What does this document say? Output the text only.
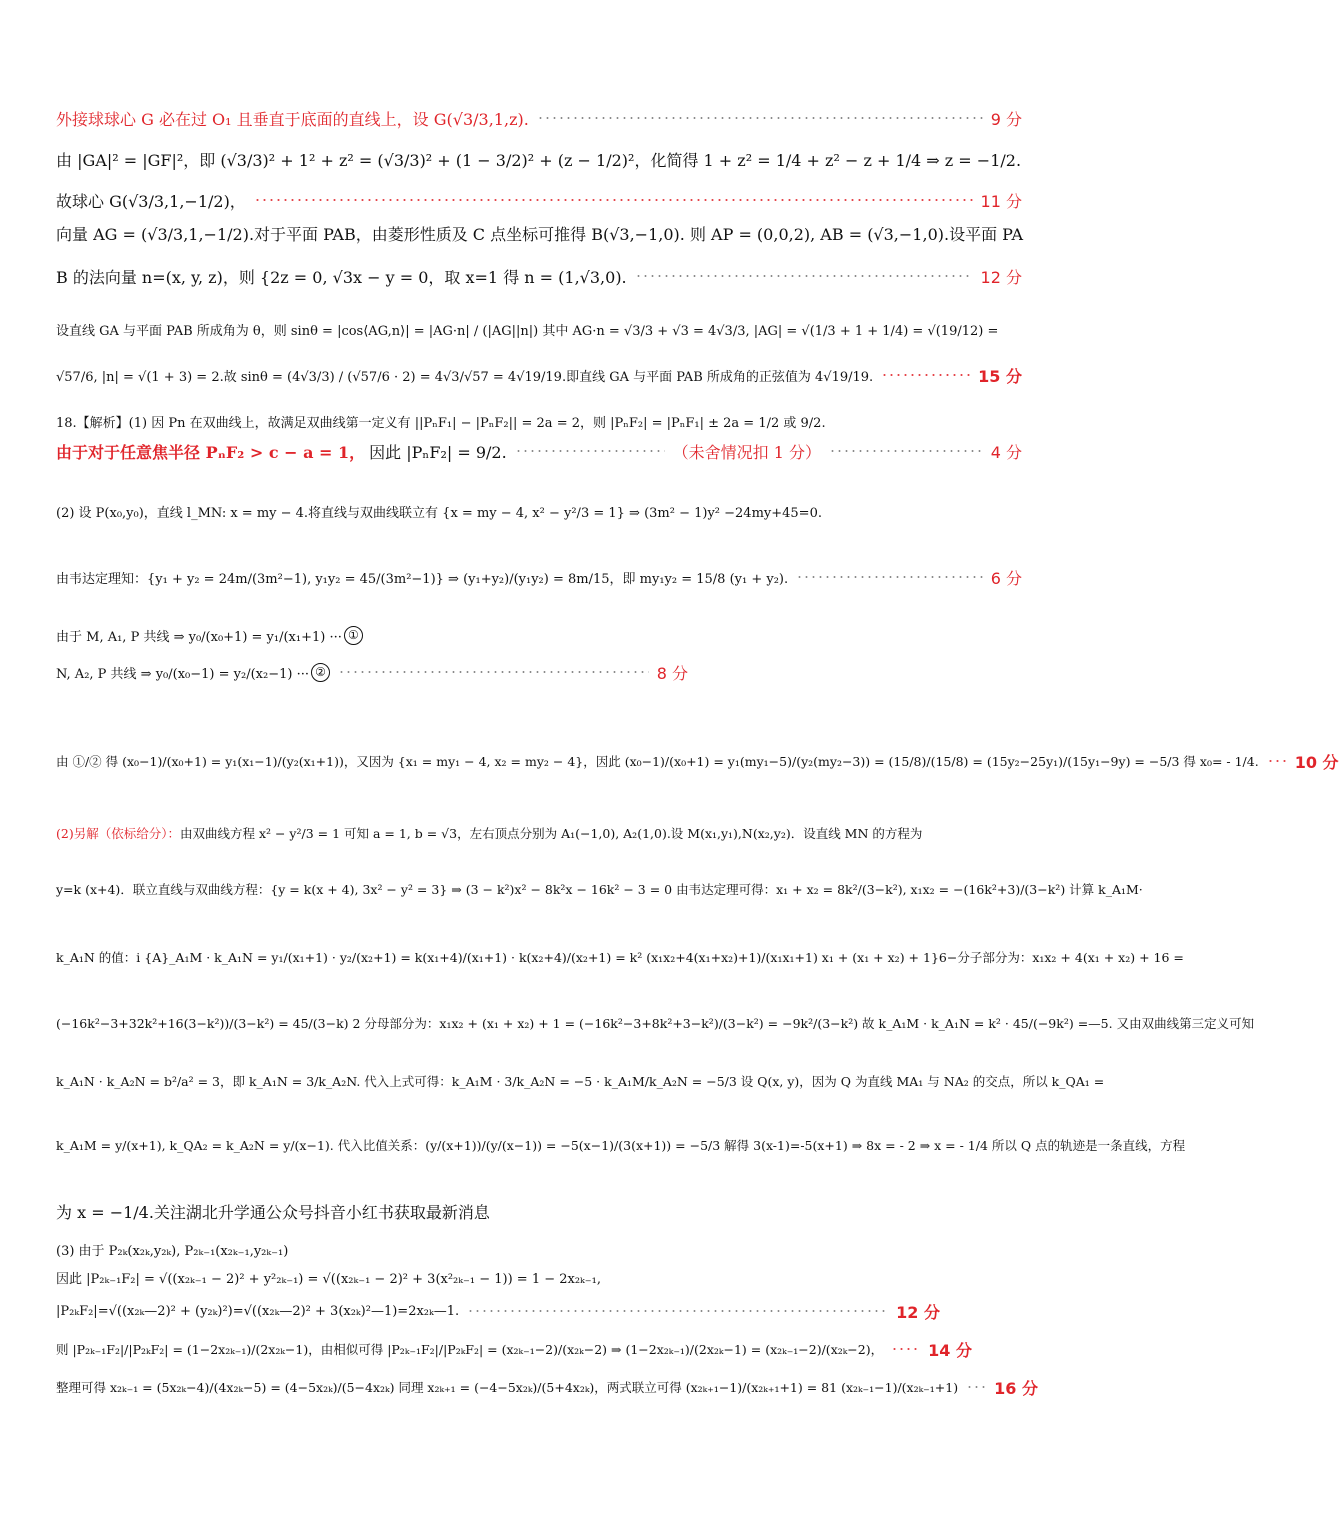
外接球球心 G 必在过 O₁ 且垂直于底面的直线上，设 G(√3/3,1,z).	9 分
由 |GA|² = |GF|²，即 (√3/3)² + 1² + z² = (√3/3)² + (1 − 3/2)² + (z − 1/2)²，化简得 1 + z² = 1/4 + z² − z + 1/4 ⇒ z = −1/2.
故球心 G(√3/3,1,−1/2)，	11 分
向量 AG = (√3/3,1,−1/2).对于平面 PAB，由菱形性质及 C 点坐标可推得 B(√3,−1,0). 则 AP = (0,0,2), AB = (√3,−1,0).设平面 PA
B 的法向量 n=(x, y, z)，则 {2z = 0, √3x − y = 0，取 x=1 得 n = (1,√3,0).	12 分
设直线 GA 与平面 PAB 所成角为 θ，则 sinθ = |cos⟨AG,n⟩| = |AG·n| / (|AG||n|) 其中 AG·n = √3/3 + √3 = 4√3/3, |AG| = √(1/3 + 1 + 1/4) = √(19/12) =
√57/6, |n| = √(1 + 3) = 2.故 sinθ = (4√3/3) / (√57/6 · 2) = 4√3/√57 = 4√19/19.即直线 GA 与平面 PAB 所成角的正弦值为 4√19/19.	15 分
18.【解析】(1) 因 Pn 在双曲线上，故满足双曲线第一定义有 ||PₙF₁| − |PₙF₂|| = 2a = 2，则 |PₙF₂| = |PₙF₁| ± 2a = 1/2 或 9/2.
由于对于任意焦半径 PₙF₂ > c − a = 1， 因此 |PₙF₂| = 9/2.	（未舍情况扣 1 分）	4 分
(2) 设 P(x₀,y₀)，直线 l_MN: x = my − 4.将直线与双曲线联立有 {x = my − 4, x² − y²/3 = 1} ⇒ (3m² − 1)y² −24my+45=0.
由韦达定理知：{y₁ + y₂ = 24m/(3m²−1), y₁y₂ = 45/(3m²−1)} ⇒ (y₁+y₂)/(y₁y₂) = 8m/15，即 my₁y₂ = 15/8 (y₁ + y₂).	6 分
由于 M, A₁, P 共线 ⇒ y₀/(x₀+1) = y₁/(x₁+1) ··· ①
N, A₂, P 共线 ⇒ y₀/(x₀−1) = y₂/(x₂−1) ··· ②	8 分
由 ①/② 得 (x₀−1)/(x₀+1) = y₁(x₁−1)/(y₂(x₁+1))，又因为 {x₁ = my₁ − 4, x₂ = my₂ − 4}，因此 (x₀−1)/(x₀+1) = y₁(my₁−5)/(y₂(my₂−3)) = (15/8)/(15/8) = (15y₂−25y₁)/(15y₁−9y) = −5/3 得 x₀= - 1/4. 10 分
(2)另解（依标给分）： 由双曲线方程 x² − y²/3 = 1 可知 a = 1, b = √3，左右顶点分别为 A₁(−1,0), A₂(1,0).设 M(x₁,y₁),N(x₂,y₂)．设直线 MN 的方程为
y=k (x+4)．联立直线与双曲线方程：{y = k(x + 4), 3x² − y² = 3} ⇒ (3 − k²)x² − 8k²x − 16k² − 3 = 0 由韦达定理可得：x₁ + x₂ = 8k²/(3−k²), x₁x₂ = −(16k²+3)/(3−k²) 计算 k_A₁M·
k_A₁N 的值：i {A}_A₁M · k_A₁N = y₁/(x₁+1) · y₂/(x₂+1) = k(x₁+4)/(x₁+1) · k(x₂+4)/(x₂+1) = k² (x₁x₂+4(x₁+x₂)+1)/(x₁x₁+1) x₁ + (x₁ + x₂) + 1}6−分子部分为：x₁x₂ + 4(x₁ + x₂) + 16 =
(−16k²−3+32k²+16(3−k²))/(3−k²) = 45/(3−k) 2 分母部分为：x₁x₂ + (x₁ + x₂) + 1 = (−16k²−3+8k²+3−k²)/(3−k²) = −9k²/(3−k²) 故 k_A₁M · k_A₁N = k² · 45/(−9k²) =—5. 又由双曲线第三定义可知
k_A₁N · k_A₂N = b²/a² = 3，即 k_A₁N = 3/k_A₂N. 代入上式可得：k_A₁M · 3/k_A₂N = −5 · k_A₁M/k_A₂N = −5/3 设 Q(x, y)，因为 Q 为直线 MA₁ 与 NA₂ 的交点，所以 k_QA₁ =
k_A₁M = y/(x+1), k_QA₂ = k_A₂N = y/(x−1). 代入比值关系：(y/(x+1))/(y/(x−1)) = −5(x−1)/(3(x+1)) = −5/3 解得 3(x-1)=-5(x+1) ⇒ 8x = - 2 ⇒ x = - 1/4 所以 Q 点的轨迹是一条直线，方程
为 x = −1/4.关注湖北升学通公众号抖音小红书获取最新消息
(3) 由于 P₂ₖ(x₂ₖ,y₂ₖ), P₂ₖ₋₁(x₂ₖ₋₁,y₂ₖ₋₁)
因此 |P₂ₖ₋₁F₂| = √((x₂ₖ₋₁ − 2)² + y²₂ₖ₋₁) = √((x₂ₖ₋₁ − 2)² + 3(x²₂ₖ₋₁ − 1)) = 1 − 2x₂ₖ₋₁,
|P₂ₖF₂|=√((x₂ₖ—2)² + (y₂ₖ)²)=√((x₂ₖ—2)² + 3(x₂ₖ)²—1)=2x₂ₖ—1.	12 分
则 |P₂ₖ₋₁F₂|/|P₂ₖF₂| = (1−2x₂ₖ₋₁)/(2x₂ₖ−1)，由相似可得 |P₂ₖ₋₁F₂|/|P₂ₖF₂| = (x₂ₖ₋₁−2)/(x₂ₖ−2) ⇒ (1−2x₂ₖ₋₁)/(2x₂ₖ−1) = (x₂ₖ₋₁−2)/(x₂ₖ−2)，	14 分
整理可得 x₂ₖ₋₁ = (5x₂ₖ−4)/(4x₂ₖ−5) = (4−5x₂ₖ)/(5−4x₂ₖ) 同理 x₂ₖ₊₁ = (−4−5x₂ₖ)/(5+4x₂ₖ)，两式联立可得 (x₂ₖ₊₁−1)/(x₂ₖ₊₁+1) = 81 (x₂ₖ₋₁−1)/(x₂ₖ₋₁+1) 16 分
